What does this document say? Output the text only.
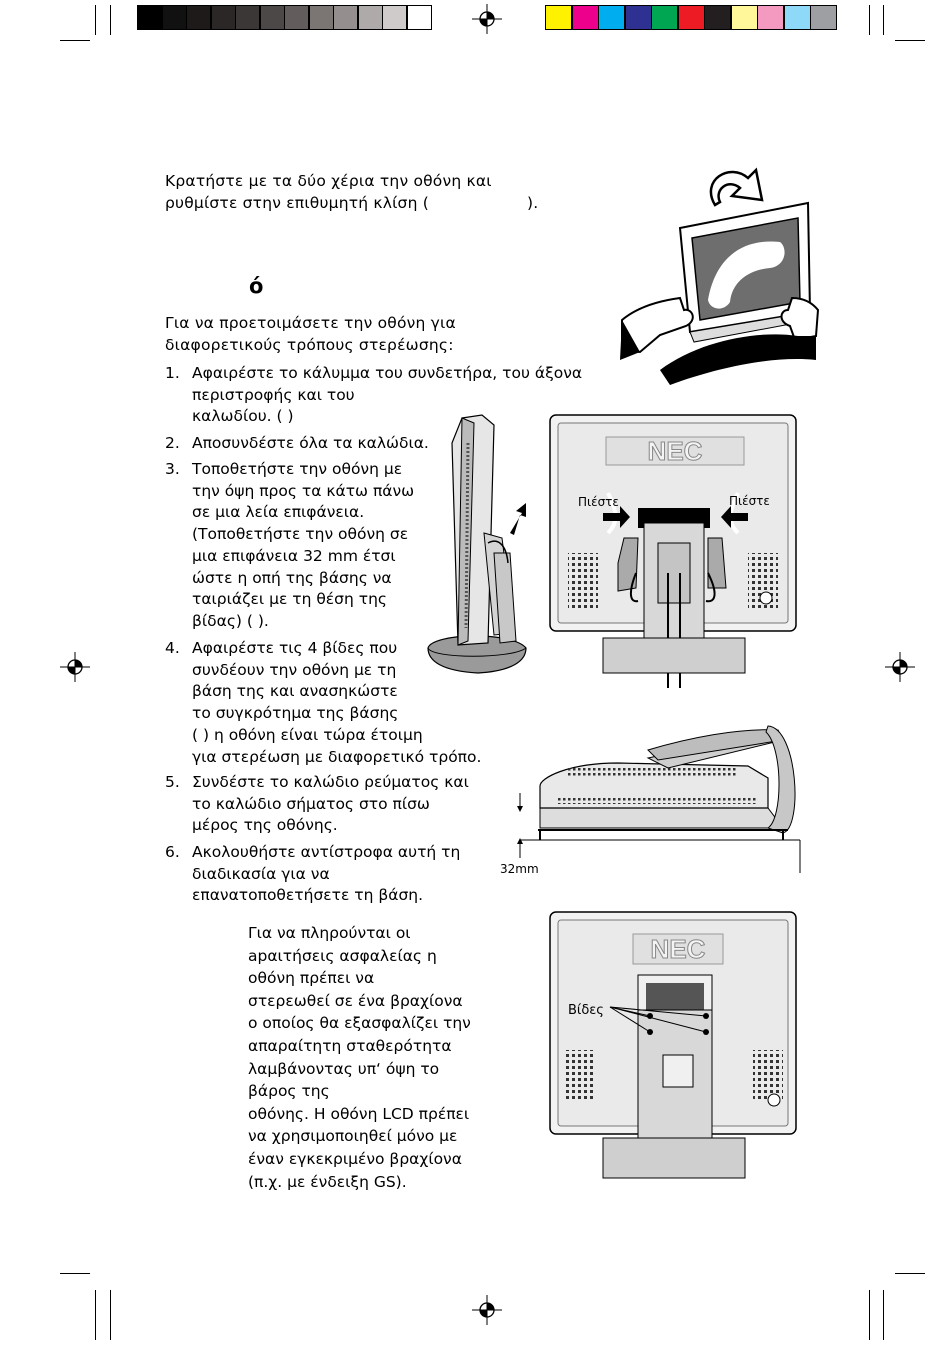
Κρατήστε με τα δύο χέρια την οθόνη και
ρυθμίστε στην επιθυμητή κλίση (	).
ό
Για να προετοιμάσετε την οθόνη για
διαφορετικούς τρόπους στερέωσης:
1. Αφαιρέστε το κάλυμμα του συνδετήρα, του άξονα
περιστροφής και του
καλωδίου. ( )
2. Αποσυνδέστε όλα τα καλώδια.
3. Τοποθετήστε την οθόνη με
την όψη προς τα κάτω πάνω
σε μια λεία επιφάνεια.
(Τοποθετήστε την οθόνη σε
μια επιφάνεια 32 mm έτσι
ώστε η οπή της βάσης να
ταιριάζει με τη θέση της
βίδας) ( ).
4. Αφαιρέστε τις 4 βίδες που
συνδέουν την οθόνη με τη
βάση της και ανασηκώστε
το συγκρότημα της βάσης
( ) η οθόνη είναι τώρα έτοιμη
για στερέωση με διαφορετικό τρόπο.
5. Συνδέστε το καλώδιο ρεύματος και
το καλώδιο σήματος στο πίσω
μέρος της οθόνης.
6. Ακολουθήστε αντίστροφα αυτή τη
διαδικασία για να
επανατοποθετήσετε τη βάση.
Για να πληρούνται οι
apαιτήσεις ασφαλείας η
οθόνη πρέπει να
στερεωθεί σε ένα βραχίονα
ο οποίος θα εξασφαλίζει την
απαραίτητη σταθερότητα
λαμβάνοντας υπ‘ όψη το
βάρος της
οθόνης. Η οθόνη LCD πρέπει
να χρησιμοποιηθεί μόνο με
έναν εγκεκριμένο βραχίονα
(π.χ. με ένδειξη GS).
NEC
Πιέστε	Πιέστε
32mm
NEC
Βίδες
